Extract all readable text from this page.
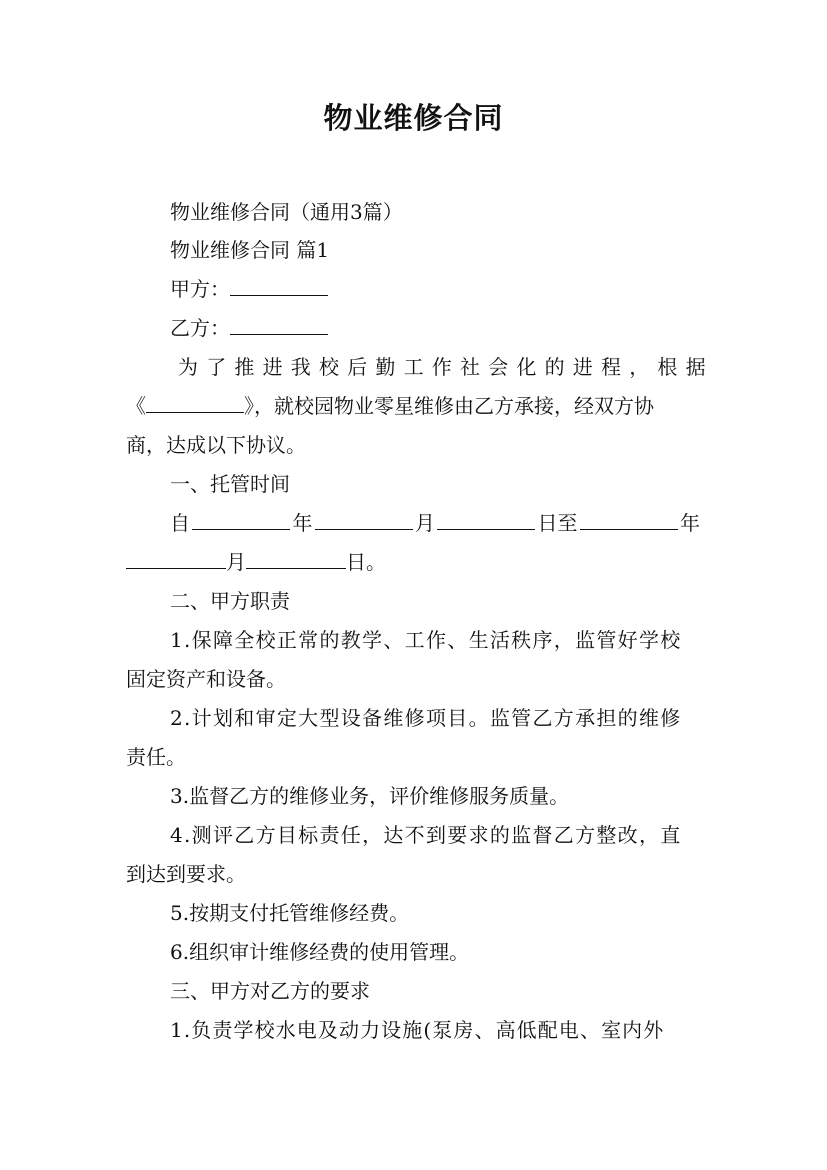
物业维修合同
物业维修合同（通用3篇）
物业维修合同 篇1
甲方：
乙方：
为了推进我校后勤工作社会化的进程，根据
《	》，就校园物业零星维修由乙方承接，经双方协
商，达成以下协议。
一、托管时间
自	年	月	日至	年
月	日。
二、甲方职责
1.保障全校正常的教学、工作、生活秩序，监管好学校
固定资产和设备。
2.计划和审定大型设备维修项目。监管乙方承担的维修
责任。
3.监督乙方的维修业务，评价维修服务质量。
4.测评乙方目标责任，达不到要求的监督乙方整改，直
到达到要求。
5.按期支付托管维修经费。
6.组织审计维修经费的使用管理。
三、甲方对乙方的要求
1.负责学校水电及动力设施(泵房、高低配电、室内外
